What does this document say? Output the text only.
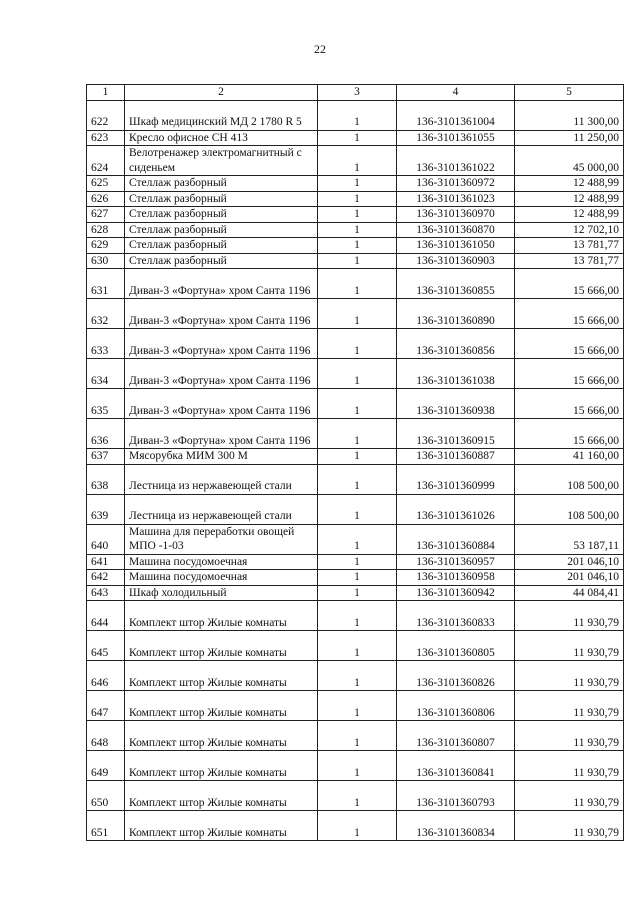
22
1	2	3	4	5
622	Шкаф медицинский МД 2 1780 R 5	1	136-3101361004	11 300,00
623	Кресло офисное CH 413	1	136-3101361055	11 250,00
624	Велотренажер электромагнитный с сиденьем	1	136-3101361022	45 000,00
625	Стеллаж разборный	1	136-3101360972	12 488,99
626	Стеллаж разборный	1	136-3101361023	12 488,99
627	Стеллаж разборный	1	136-3101360970	12 488,99
628	Стеллаж разборный	1	136-3101360870	12 702,10
629	Стеллаж разборный	1	136-3101361050	13 781,77
630	Стеллаж разборный	1	136-3101360903	13 781,77
631	Диван-3 «Фортуна» хром Санта 1196	1	136-3101360855	15 666,00
632	Диван-3 «Фортуна» хром Санта 1196	1	136-3101360890	15 666,00
633	Диван-3 «Фортуна» хром Санта 1196	1	136-3101360856	15 666,00
634	Диван-3 «Фортуна» хром Санта 1196	1	136-3101361038	15 666,00
635	Диван-3 «Фортуна» хром Санта 1196	1	136-3101360938	15 666,00
636	Диван-3 «Фортуна» хром Санта 1196	1	136-3101360915	15 666,00
637	Мясорубка МИМ 300 М	1	136-3101360887	41 160,00
638	Лестница из нержавеющей стали	1	136-3101360999	108 500,00
639	Лестница из нержавеющей стали	1	136-3101361026	108 500,00
640	Машина для переработки овощей МПО -1-03	1	136-3101360884	53 187,11
641	Машина посудомоечная	1	136-3101360957	201 046,10
642	Машина посудомоечная	1	136-3101360958	201 046,10
643	Шкаф холодильный	1	136-3101360942	44 084,41
644	Комплект штор Жилые комнаты	1	136-3101360833	11 930,79
645	Комплект штор Жилые комнаты	1	136-3101360805	11 930,79
646	Комплект штор Жилые комнаты	1	136-3101360826	11 930,79
647	Комплект штор Жилые комнаты	1	136-3101360806	11 930,79
648	Комплект штор Жилые комнаты	1	136-3101360807	11 930,79
649	Комплект штор Жилые комнаты	1	136-3101360841	11 930,79
650	Комплект штор Жилые комнаты	1	136-3101360793	11 930,79
651	Комплект штор Жилые комнаты	1	136-3101360834	11 930,79
